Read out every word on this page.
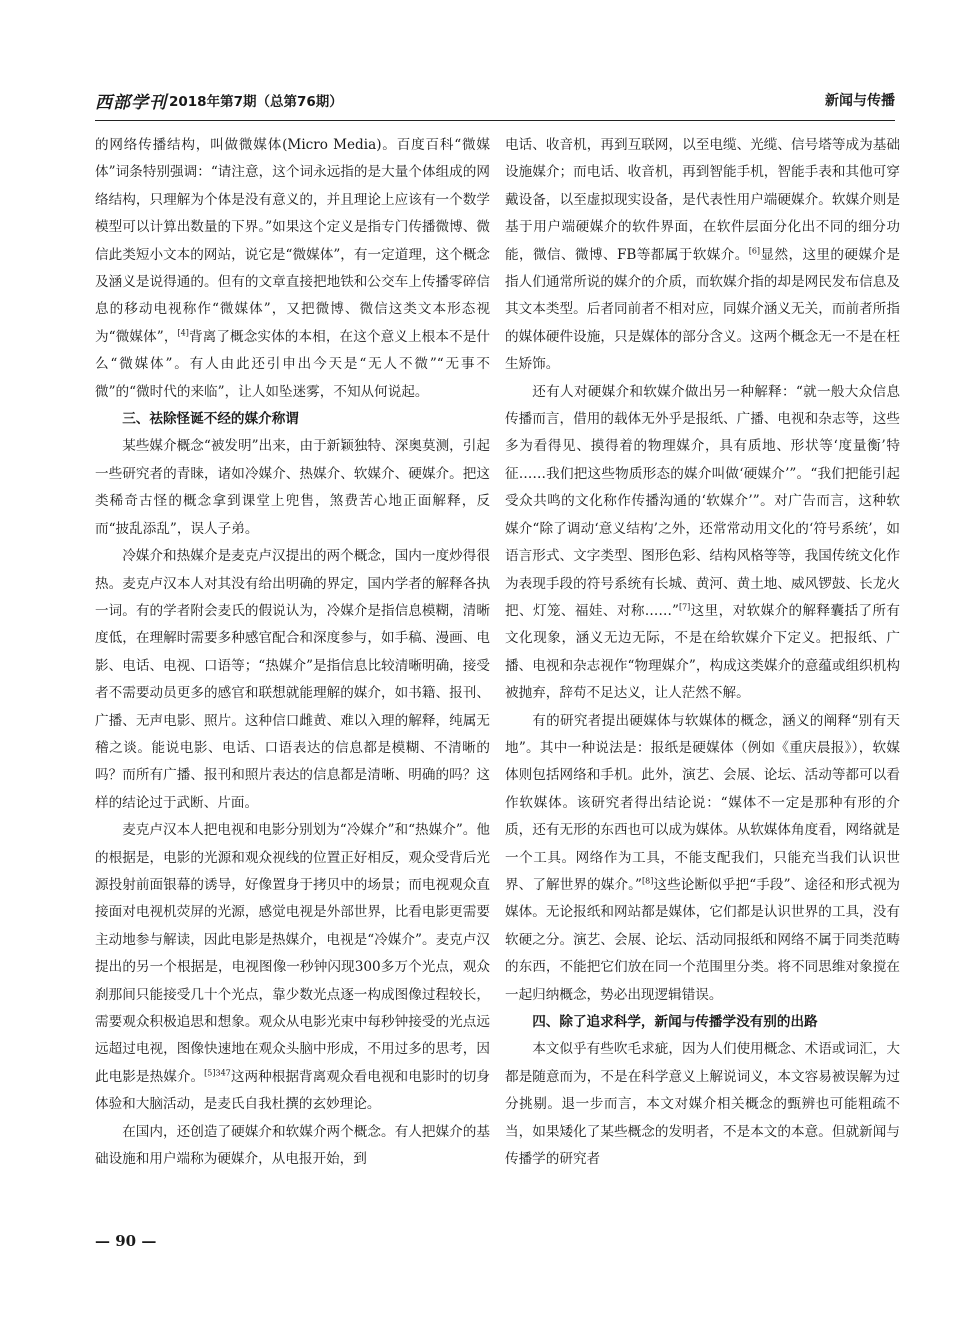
西部学刊 2018年第7期（总第76期）	新闻与传播

的网络传播结构，叫做微媒体(Micro Media)。百度百科“微媒体”词条特别强调：“请注意，这个词永远指的是大量个体组成的网络结构，只理解为个体是没有意义的，并且理论上应该有一个数学模型可以计算出数量的下界。”如果这个定义是指专门传播微博、微信此类短小文本的网站，说它是“微媒体”，有一定道理，这个概念及涵义是说得通的。但有的文章直接把地铁和公交车上传播零碎信息的移动电视称作“微媒体”，又把微博、微信这类文本形态视为“微媒体”，[4]背离了概念实体的本相，在这个意义上根本不是什么“微媒体”。有人由此还引申出今天是“无人不微”“无事不微”的“微时代的来临”，让人如坠迷雾，不知从何说起。

三、祛除怪诞不经的媒介称谓

某些媒介概念“被发明”出来，由于新颖独特、深奥莫测，引起一些研究者的青睐，诸如冷媒介、热媒介、软媒介、硬媒介。把这类稀奇古怪的概念拿到课堂上兜售，煞费苦心地正面解释，反而“披乱添乱”，误人子弟。

冷媒介和热媒介是麦克卢汉提出的两个概念，国内一度炒得很热。麦克卢汉本人对其没有给出明确的界定，国内学者的解释各执一词。有的学者附会麦氏的假说认为，冷媒介是指信息模糊，清晰度低，在理解时需要多种感官配合和深度参与，如手稿、漫画、电影、电话、电视、口语等；“热媒介”是指信息比较清晰明确，接受者不需要动员更多的感官和联想就能理解的媒介，如书籍、报刊、广播、无声电影、照片。这种信口雌黄、难以入理的解释，纯属无稽之谈。能说电影、电话、口语表达的信息都是模糊、不清晰的吗？而所有广播、报刊和照片表达的信息都是清晰、明确的吗？这样的结论过于武断、片面。

麦克卢汉本人把电视和电影分别划为“冷媒介”和“热媒介”。他的根据是，电影的光源和观众视线的位置正好相反，观众受背后光源投射前面银幕的诱导，好像置身于拷贝中的场景；而电视观众直接面对电视机荧屏的光源，感觉电视是外部世界，比看电影更需要主动地参与解读，因此电影是热媒介，电视是“冷媒介”。麦克卢汉提出的另一个根据是，电视图像一秒钟闪现300多万个光点，观众刹那间只能接受几十个光点，靠少数光点逐一构成图像过程较长，需要观众积极追思和想象。观众从电影光束中每秒钟接受的光点远远超过电视，图像快速地在观众头脑中形成，不用过多的思考，因此电影是热媒介。$^{[5]347}$这两种根据背离观众看电视和电影时的切身体验和大脑活动，是麦氏自我杜撰的玄妙理论。

在国内，还创造了硬媒介和软媒介两个概念。有人把媒介的基础设施和用户端称为硬媒介，从电报开始，到

电话、收音机，再到互联网，以至电缆、光缆、信号塔等成为基础设施媒介；而电话、收音机，再到智能手机，智能手表和其他可穿戴设备，以至虚拟现实设备，是代表性用户端硬媒介。软媒介则是基于用户端硬媒介的软件界面，在软件层面分化出不同的细分功能，微信、微博、FB等都属于软媒介。[6]显然，这里的硬媒介是指人们通常所说的媒介的介质，而软媒介指的却是网民发布信息及其文本类型。后者同前者不相对应，同媒介涵义无关，而前者所指的媒体硬件设施，只是媒体的部分含义。这两个概念无一不是在枉生矫饰。

还有人对硬媒介和软媒介做出另一种解释：“就一般大众信息传播而言，借用的载体无外乎是报纸、广播、电视和杂志等，这些多为看得见、摸得着的物理媒介，具有质地、形状等‘度量衡’特征……我们把这些物质形态的媒介叫做‘硬媒介’”。“我们把能引起受众共鸣的文化称作传播沟通的‘软媒介’”。对广告而言，这种软媒介“除了调动‘意义结构’之外，还常常动用文化的‘符号系统’，如语言形式、文字类型、图形色彩、结构风格等等，我国传统文化作为表现手段的符号系统有长城、黄河、黄土地、威风锣鼓、长龙火把、灯笼、福娃、对称……”[7]这里，对软媒介的解释囊括了所有文化现象，涵义无边无际，不是在给软媒介下定义。把报纸、广播、电视和杂志视作“物理媒介”，构成这类媒介的意蕴或组织机构被抛弃，辞苟不足达义，让人茫然不解。

有的研究者提出硬媒体与软媒体的概念，涵义的阐释“别有天地”。其中一种说法是：报纸是硬媒体（例如《重庆晨报》），软媒体则包括网络和手机。此外，演艺、会展、论坛、活动等都可以看作软媒体。该研究者得出结论说：“媒体不一定是那种有形的介质，还有无形的东西也可以成为媒体。从软媒体角度看，网络就是一个工具。网络作为工具，不能支配我们，只能充当我们认识世界、了解世界的媒介。”[8]这些论断似乎把“手段”、途径和形式视为媒体。无论报纸和网站都是媒体，它们都是认识世界的工具，没有软硬之分。演艺、会展、论坛、活动同报纸和网络不属于同类范畴的东西，不能把它们放在同一个范围里分类。将不同思维对象搅在一起归纳概念，势必出现逻辑错误。

四、除了追求科学，新闻与传播学没有别的出路

本文似乎有些吹毛求疵，因为人们使用概念、术语或词汇，大都是随意而为，不是在科学意义上解说词义，本文容易被误解为过分挑剔。退一步而言，本文对媒介相关概念的甄辨也可能粗疏不当，如果矮化了某些概念的发明者，不是本文的本意。但就新闻与传播学的研究者

— 90 —
